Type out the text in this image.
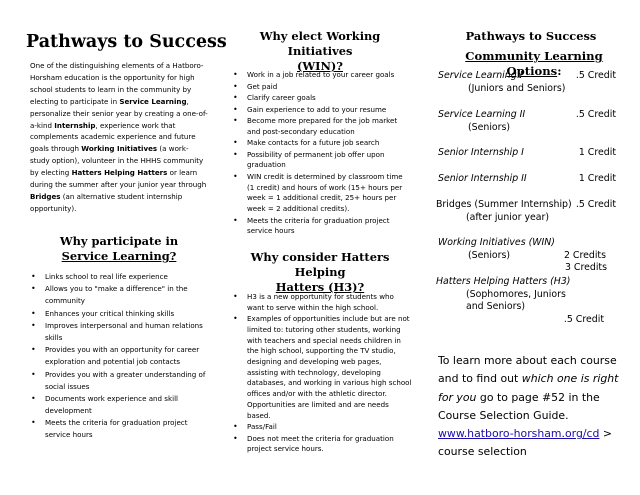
Pathways to Success
One of the distinguishing elements of a Hatboro-Horsham education is the opportunity for high school students to learn in the community by electing to participate in Service Learning, personalize their senior year by creating a one-of-a-kind Internship, experience work that complements academic experience and future goals through Working Initiatives (a work-study option), volunteer in the HHHS community by electing Hatters Helping Hatters or learn during the summer after your junior year through Bridges (an alternative student internship opportunity).
Why participate in
Service Learning?
• Links school to real life experience
• Allows you to "make a difference" in the community
• Enhances your critical thinking skills
• Improves interpersonal and human relations skills
• Provides you with an opportunity for career exploration and potential job contacts
• Provides you with a greater understanding of social issues
• Documents work experience and skill development
• Meets the criteria for graduation project service hours
Why elect Working Initiatives
(WIN)?
• Work in a job related to your career goals
• Get paid
• Clarify career goals
• Gain experience to add to your resume
• Become more prepared for the job market and post-secondary education
• Make contacts for a future job search
• Possibility of permanent job offer upon graduation
• WIN credit is determined by classroom time (1 credit) and hours of work (15+ hours per week = 1 additional credit, 25+ hours per week = 2 additional credits).
• Meets the criteria for graduation project service hours
Why consider Hatters Helping
Hatters (H3)?
• H3 is a new opportunity for students who want to serve within the high school.
• Examples of opportunities include but are not limited to: tutoring other students, working with teachers and special needs children in the high school, supporting the TV studio, designing and developing web pages, assisting with technology, developing databases, and working in various high school offices and/or with the athletic director. Opportunities are limited and are needs based.
• Pass/Fail
• Does not meet the criteria for graduation project service hours.
Pathways to Success
Community Learning Options:
Service Learning I	.5 Credit
(Juniors and Seniors)
Service Learning II	.5 Credit
(Seniors)
Senior Internship I	1 Credit
Senior Internship II	1 Credit
Bridges (Summer Internship) .5 Credit
(after junior year)
Working Initiatives (WIN)
(Seniors)	2 Credits
3 Credits
Hatters Helping Hatters (H3)
(Sophomores, Juniors and Seniors)
.5 Credit
To learn more about each course and to find out which one is right for you go to page #52 in the Course Selection Guide. www.hatboro-horsham.org/cd > course selection
